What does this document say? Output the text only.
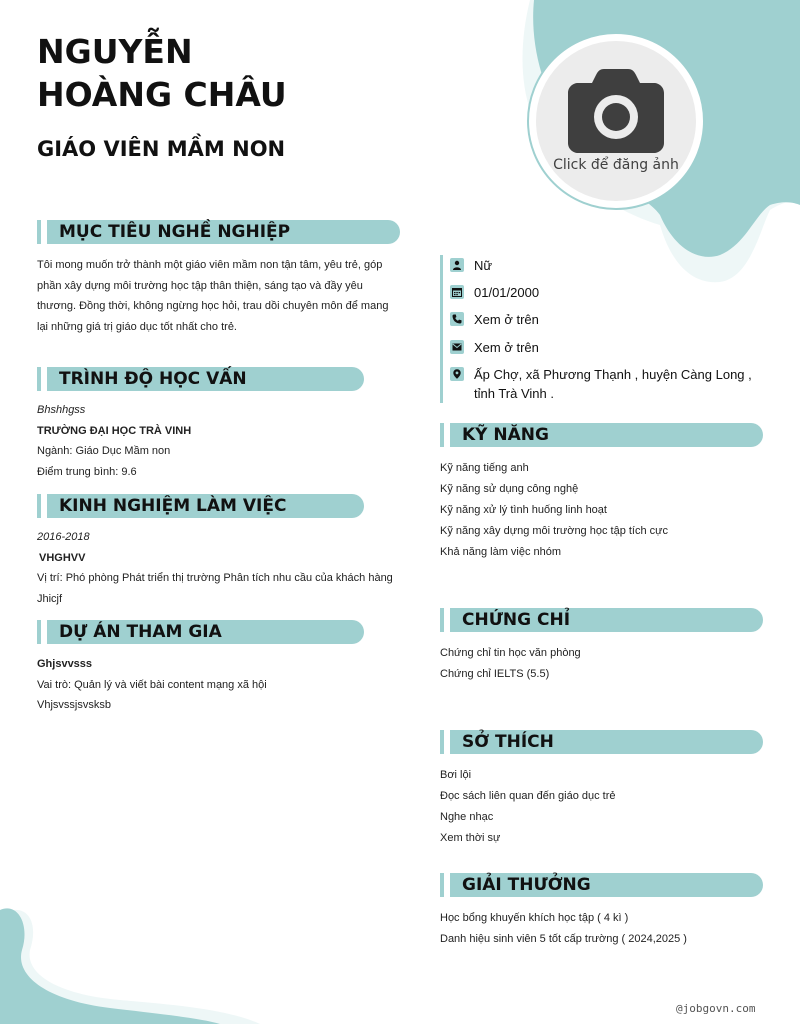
NGUYỄN HOÀNG CHÂU
GIÁO VIÊN MẦM NON
Click để đăng ảnh
MỤC TIÊU NGHỀ NGHIỆP
Tôi mong muốn trở thành một giáo viên mầm non tận tâm, yêu trẻ, góp
phần xây dựng môi trường học tập thân thiện, sáng tạo và đầy yêu
thương. Đồng thời, không ngừng học hỏi, trau dồi chuyên môn để mang
lại những giá trị giáo dục tốt nhất cho trẻ.
TRÌNH ĐỘ HỌC VẤN
Bhshhgss
TRƯỜNG ĐẠI HỌC TRÀ VINH
Ngành: Giáo Dục Mầm non
Điểm trung bình: 9.6
KINH NGHIỆM LÀM VIỆC
2016-2018
VHGHVV
Vị trí: Phó phòng Phát triển thị trường Phân tích nhu cầu của khách hàng
Jhicjf
DỰ ÁN THAM GIA
Ghjsvvsss
Vai trò: Quản lý và viết bài content mạng xã hội
Vhjsvssjsvsksb
Nữ
01/01/2000
Xem ở trên
Xem ở trên
Ấp Chợ, xã Phương Thạnh , huyện Càng Long , tỉnh Trà Vinh .
KỸ NĂNG
Kỹ năng tiếng anh
Kỹ năng sử dụng công nghệ
Kỹ năng xử lý tình huống linh hoạt
Kỹ năng xây dựng môi trường học tập tích cực
Khả năng làm việc nhóm
CHỨNG CHỈ
Chứng chỉ tin học văn phòng
Chứng chỉ IELTS (5.5)
SỞ THÍCH
Bơi lội
Đọc sách liên quan đến giáo dục trẻ
Nghe nhạc
Xem thời sự
GIẢI THƯỞNG
Học bổng khuyến khích học tập ( 4 kì )
Danh hiệu sinh viên 5 tốt cấp trường ( 2024,2025 )
@jobgovn.com
